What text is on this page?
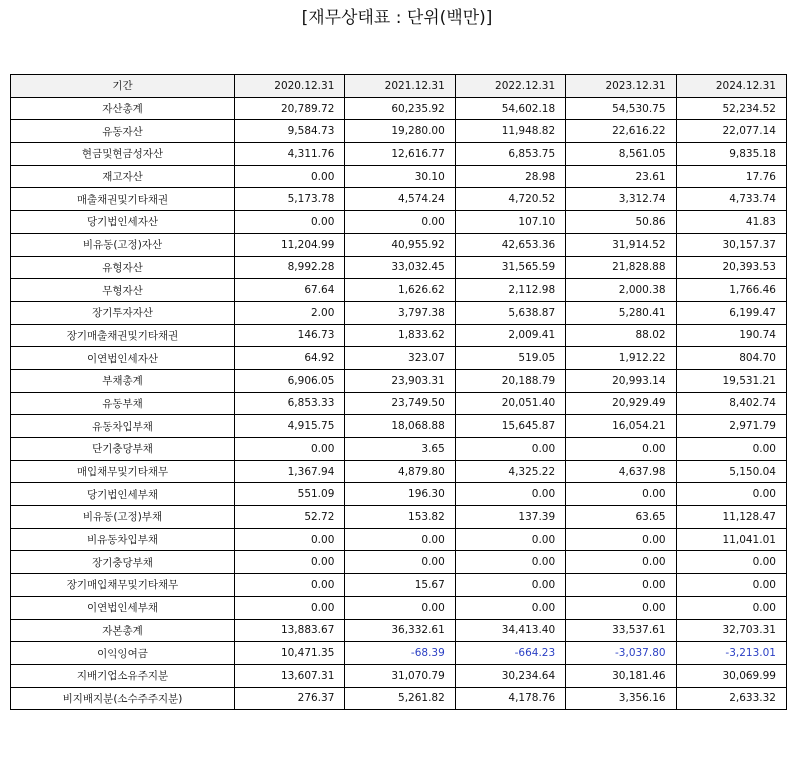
[재무상태표 : 단위(백만)]
기간	2020.12.31	2021.12.31	2022.12.31	2023.12.31	2024.12.31
자산총계	20,789.72	60,235.92	54,602.18	54,530.75	52,234.52
유동자산	9,584.73	19,280.00	11,948.82	22,616.22	22,077.14
현금및현금성자산	4,311.76	12,616.77	6,853.75	8,561.05	9,835.18
재고자산	0.00	30.10	28.98	23.61	17.76
매출채권및기타채권	5,173.78	4,574.24	4,720.52	3,312.74	4,733.74
당기법인세자산	0.00	0.00	107.10	50.86	41.83
비유동(고정)자산	11,204.99	40,955.92	42,653.36	31,914.52	30,157.37
유형자산	8,992.28	33,032.45	31,565.59	21,828.88	20,393.53
무형자산	67.64	1,626.62	2,112.98	2,000.38	1,766.46
장기투자자산	2.00	3,797.38	5,638.87	5,280.41	6,199.47
장기매출채권및기타채권	146.73	1,833.62	2,009.41	88.02	190.74
이연법인세자산	64.92	323.07	519.05	1,912.22	804.70
부채총계	6,906.05	23,903.31	20,188.79	20,993.14	19,531.21
유동부채	6,853.33	23,749.50	20,051.40	20,929.49	8,402.74
유동차입부채	4,915.75	18,068.88	15,645.87	16,054.21	2,971.79
단기충당부채	0.00	3.65	0.00	0.00	0.00
매입채무및기타채무	1,367.94	4,879.80	4,325.22	4,637.98	5,150.04
당기법인세부채	551.09	196.30	0.00	0.00	0.00
비유동(고정)부채	52.72	153.82	137.39	63.65	11,128.47
비유동차입부채	0.00	0.00	0.00	0.00	11,041.01
장기충당부채	0.00	0.00	0.00	0.00	0.00
장기매입채무및기타채무	0.00	15.67	0.00	0.00	0.00
이연법인세부채	0.00	0.00	0.00	0.00	0.00
자본총계	13,883.67	36,332.61	34,413.40	33,537.61	32,703.31
이익잉여금	10,471.35	-68.39	-664.23	-3,037.80	-3,213.01
지배기업소유주지분	13,607.31	31,070.79	30,234.64	30,181.46	30,069.99
비지배지분(소수주주지분)	276.37	5,261.82	4,178.76	3,356.16	2,633.32
